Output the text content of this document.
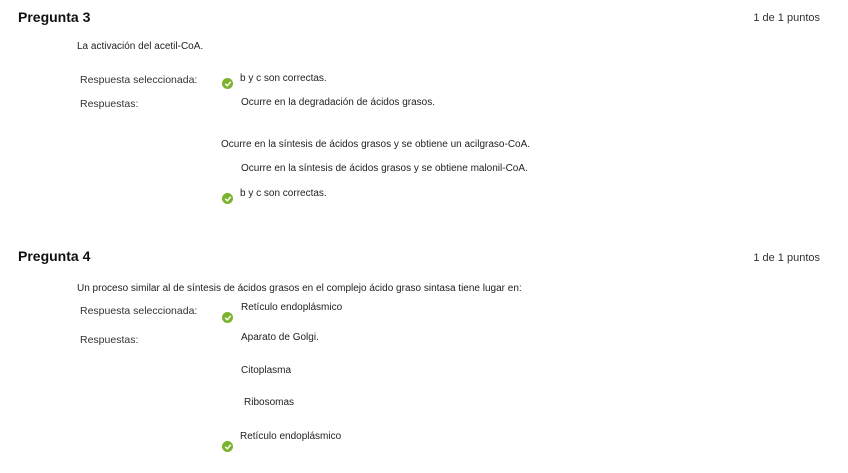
Pregunta 3	1 de 1 puntos
La activación del acetil-CoA.
Respuesta seleccionada:	b y c son correctas.
Respuestas:	Ocurre en la degradación de ácidos grasos.
Ocurre en la síntesis de ácidos grasos y se obtiene un acilgraso-CoA.
Ocurre en la síntesis de ácidos grasos y se obtiene malonil-CoA.
b y c son correctas.
Pregunta 4	1 de 1 puntos
Un proceso similar al de síntesis de ácidos grasos en el complejo ácido graso sintasa tiene lugar en:
Respuesta seleccionada:	Retículo endoplásmico
Respuestas:	Aparato de Golgi.
Citoplasma
Ribosomas
Retículo endoplásmico
